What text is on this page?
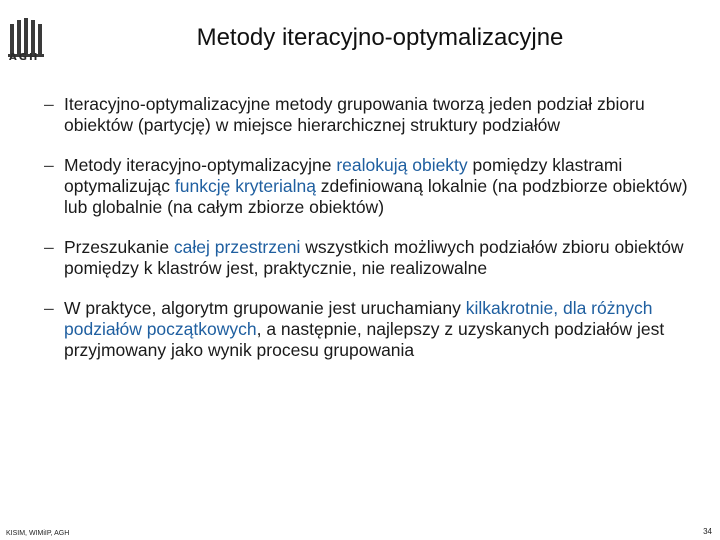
AGH
Metody iteracyjno-optymalizacyjne
– Iteracyjno-optymalizacyjne metody grupowania tworzą jeden podział zbioru obiektów (partycję) w miejsce hierarchicznej struktury podziałów
– Metody iteracyjno-optymalizacyjne realokują obiekty pomiędzy klastrami optymalizując funkcję kryterialną zdefiniowaną lokalnie (na podzbiorze obiektów) lub globalnie (na całym zbiorze obiektów)
– Przeszukanie całej przestrzeni wszystkich możliwych podziałów zbioru obiektów pomiędzy k klastrów jest, praktycznie, nie realizowalne
– W praktyce, algorytm grupowanie jest uruchamiany kilkakrotnie, dla różnych podziałów początkowych, a następnie, najlepszy z uzyskanych podziałów jest przyjmowany jako wynik procesu grupowania
KISIM, WIMiIP, AGH	34
